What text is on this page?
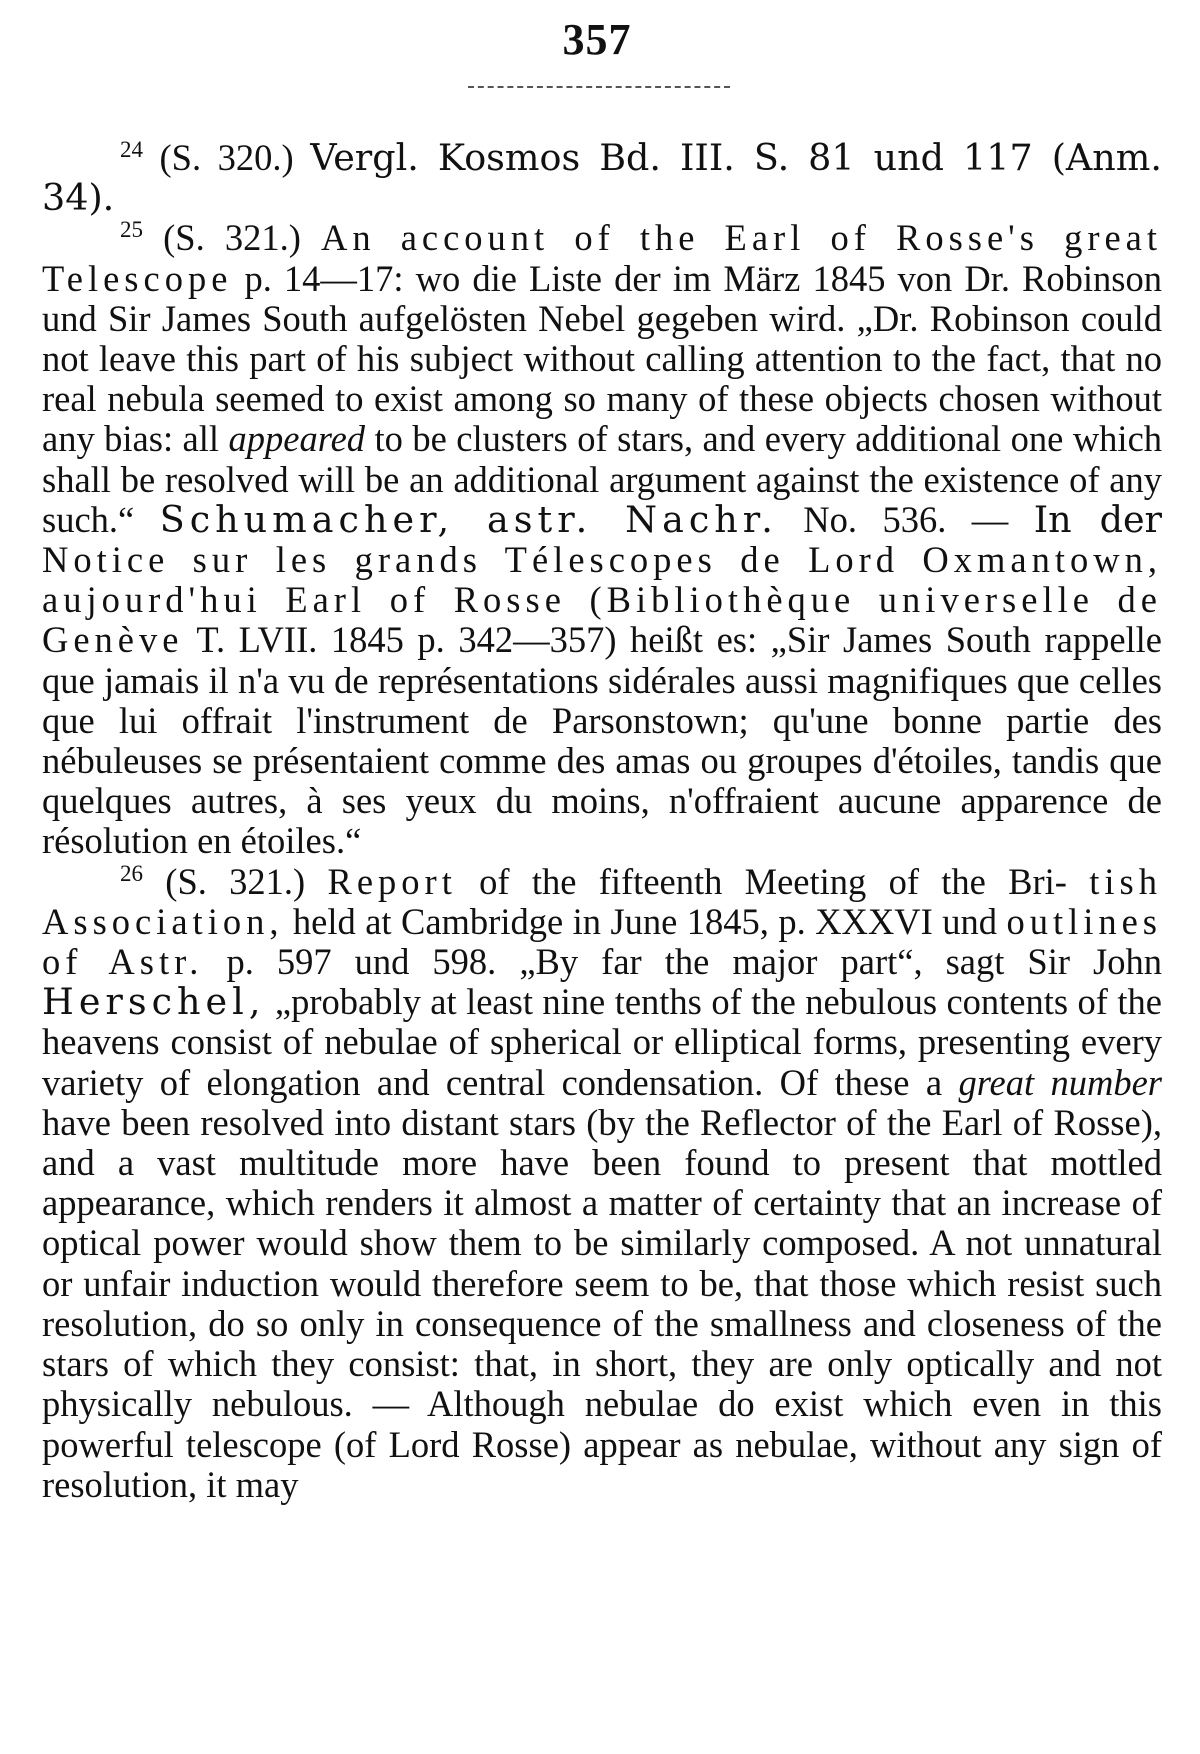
357

$^{24}$ (S. 320.) Vergl. Kosmos Bd. III. S. 81 und 117 (Anm. 34).

$^{25}$ (S. 321.) An account of the Earl of Rosse's great Telescope p. 14—17: wo die Liste der im März 1845 von Dr. Robinson und Sir James South aufgelösten Nebel gegeben wird. „Dr. Robinson could not leave this part of his subject without calling attention to the fact, that no real nebula seemed to exist among so many of these objects chosen without any bias: all appeared to be clusters of stars, and every additional one which shall be resolved will be an additional argument against the existence of any such.“ Schumacher, astr. Nachr. No. 536. — In der Notice sur les grands Télescopes de Lord Oxmantown, aujourd'hui Earl of Rosse (Bibliothèque universelle de Genève T. LVII. 1845 p. 342—357) heißt es: „Sir James South rappelle que jamais il n'a vu de représentations sidérales aussi magnifiques que celles que lui offrait l'instrument de Parsonstown; qu'une bonne partie des nébuleuses se présentaient comme des amas ou groupes d'étoiles, tandis que quelques autres, à ses yeux du moins, n'offraient aucune apparence de résolution en étoiles.“

$^{26}$ (S. 321.) Report of the fifteenth Meeting of the Bri- tish Association, held at Cambridge in June 1845, p. XXXVI und outlines of Astr. p. 597 und 598. „By far the major part“, sagt Sir John Herschel, „probably at least nine tenths of the nebulous contents of the heavens consist of nebulae of spherical or elliptical forms, presenting every variety of elongation and central condensation. Of these a great number have been resolved into distant stars (by the Reflector of the Earl of Rosse), and a vast multitude more have been found to present that mottled appearance, which renders it almost a matter of certainty that an increase of optical power would show them to be similarly composed. A not unnatural or unfair induction would therefore seem to be, that those which resist such resolution, do so only in consequence of the smallness and closeness of the stars of which they consist: that, in short, they are only optically and not physically nebulous. — Although nebulae do exist which even in this powerful telescope (of Lord Rosse) appear as nebulae, without any sign of resolution, it may
